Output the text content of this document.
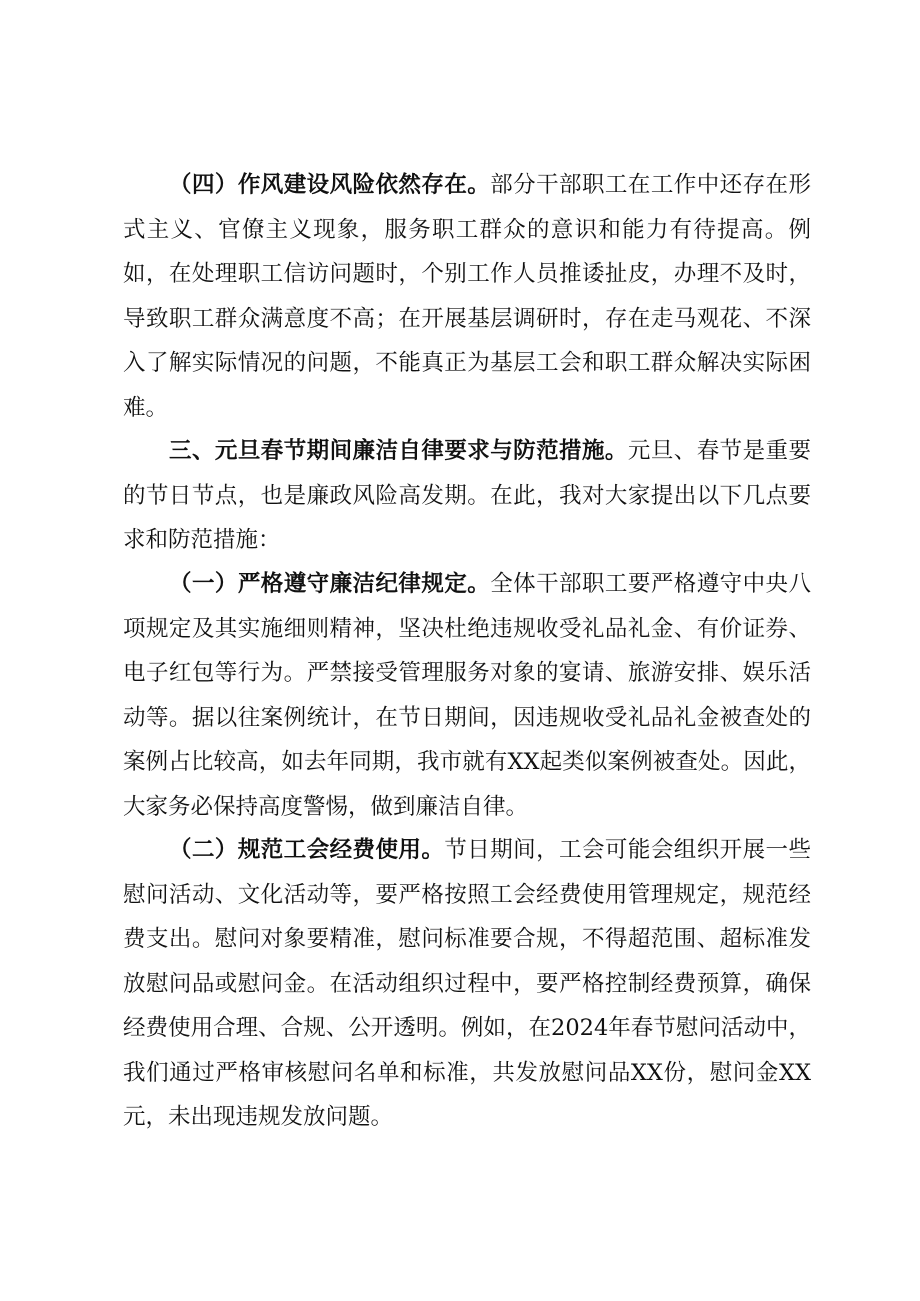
（四）作风建设风险依然存在。部分干部职工在工作中还存在形式主义、官僚主义现象，服务职工群众的意识和能力有待提高。例如，在处理职工信访问题时，个别工作人员推诿扯皮，办理不及时，导致职工群众满意度不高；在开展基层调研时，存在走马观花、不深入了解实际情况的问题，不能真正为基层工会和职工群众解决实际困难。

三、元旦春节期间廉洁自律要求与防范措施。元旦、春节是重要的节日节点，也是廉政风险高发期。在此，我对大家提出以下几点要求和防范措施：

（一）严格遵守廉洁纪律规定。全体干部职工要严格遵守中央八项规定及其实施细则精神，坚决杜绝违规收受礼品礼金、有价证券、电子红包等行为。严禁接受管理服务对象的宴请、旅游安排、娱乐活动等。据以往案例统计，在节日期间，因违规收受礼品礼金被查处的案例占比较高，如去年同期，我市就有XX起类似案例被查处。因此，大家务必保持高度警惕，做到廉洁自律。

（二）规范工会经费使用。节日期间，工会可能会组织开展一些慰问活动、文化活动等，要严格按照工会经费使用管理规定，规范经费支出。慰问对象要精准，慰问标准要合规，不得超范围、超标准发放慰问品或慰问金。在活动组织过程中，要严格控制经费预算，确保经费使用合理、合规、公开透明。例如，在2024年春节慰问活动中，我们通过严格审核慰问名单和标准，共发放慰问品XX份，慰问金XX元，未出现违规发放问题。
